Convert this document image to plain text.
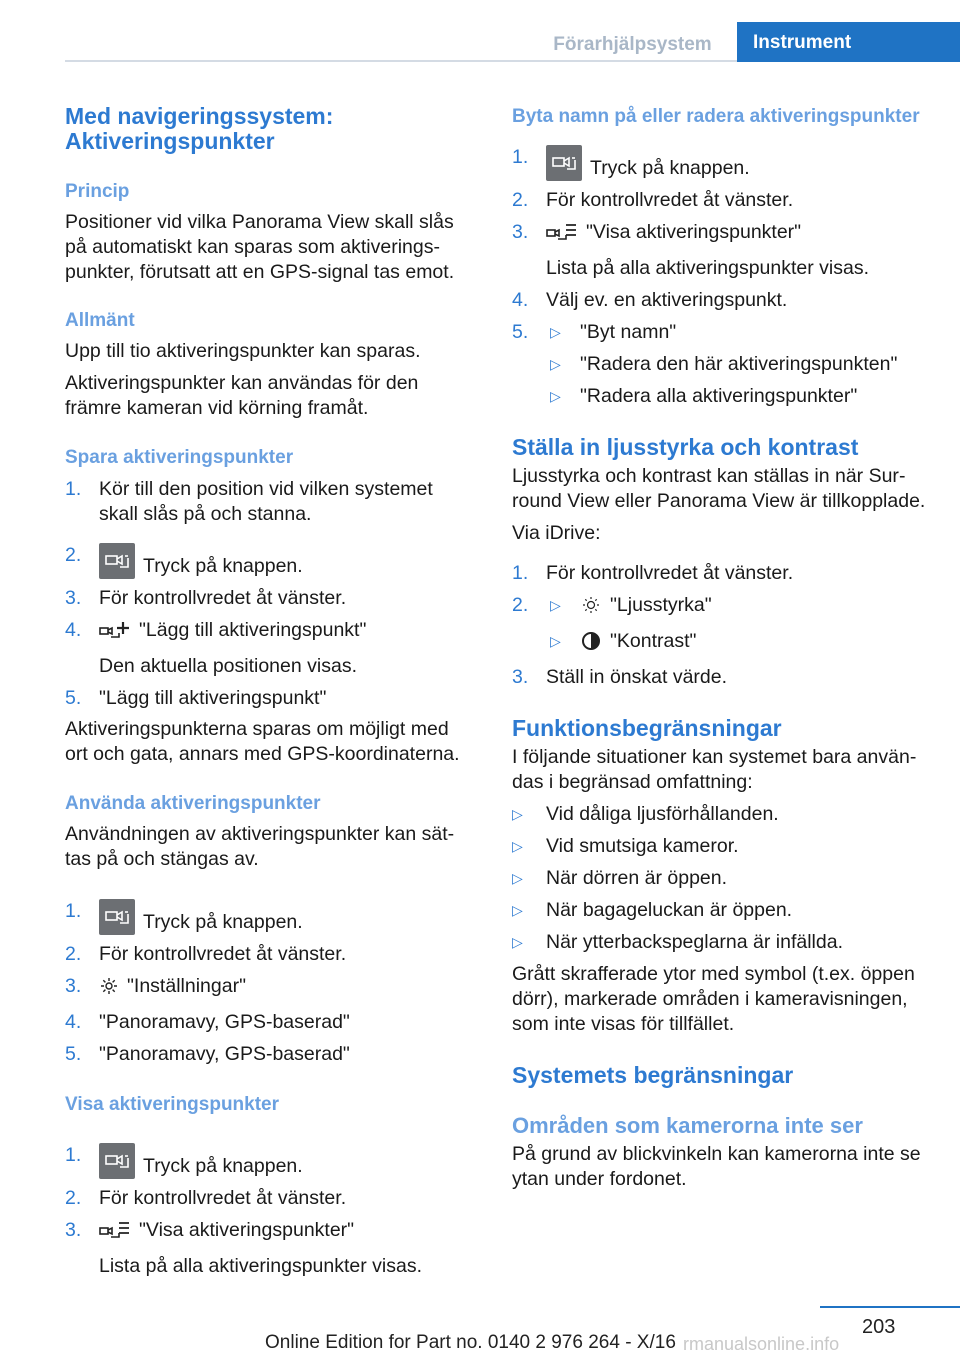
Förarhjälpsystem	Instrument
Med navigeringssystem: Aktiveringspunkter
Princip

Positioner vid vilka Panorama View skall slås på automatiskt kan sparas som aktiveringspunkter, förutsatt att en GPS-signal tas emot.

Allmänt

Upp till tio aktiveringspunkter kan sparas.

Aktiveringspunkter kan användas för den främre kameran vid körning framåt.

Spara aktiveringspunkter
1. Kör till den position vid vilken systemet skall slås på och stanna.
2.	Tryck på knappen.
3. För kontrollvredet åt vänster.
4.	"Lägg till aktiveringspunkt"

Den aktuella positionen visas.

5. "Lägg till aktiveringspunkt"

Aktiveringspunkterna sparas om möjligt med ort och gata, annars med GPS-koordinaterna.

Använda aktiveringspunkter

Användningen av aktiveringspunkter kan sättas på och stängas av.

1.	Tryck på knappen.
2. För kontrollvredet åt vänster.
3. "Inställningar"
4. "Panoramavy, GPS-baserad"
5. "Panoramavy, GPS-baserad"
Visa aktiveringspunkter
1.	Tryck på knappen.
2. För kontrollvredet åt vänster.
3.	"Visa aktiveringspunkter"

Lista på alla aktiveringspunkter visas.

Byta namn på eller radera aktiveringspunkter
1.	Tryck på knappen.
2. För kontrollvredet åt vänster.
3.	"Visa aktiveringspunkter"

Lista på alla aktiveringspunkter visas.

4. Välj ev. en aktiveringspunkt.
5. ▷ "Byt namn"
▷ "Radera den här aktiveringspunkten"
▷ "Radera alla aktiveringspunkter"
Ställa in ljusstyrka och kontrast

Ljusstyrka och kontrast kan ställas in när Surround View eller Panorama View är tillkopplade.

Via iDrive:

1. För kontrollvredet åt vänster.
2. ▷	"Ljusstyrka"
▷	"Kontrast"
3. Ställ in önskat värde.
Funktionsbegränsningar

I följande situationer kan systemet bara användas i begränsad omfattning:

▷ Vid dåliga ljusförhållanden.
▷ Vid smutsiga kameror.
▷ När dörren är öppen.
▷ När bagageluckan är öppen.
▷ När ytterbackspeglarna är infällda.

Grått skrafferade ytor med symbol (t.ex. öppen dörr), markerade områden i kameravisningen, som inte visas för tillfället.

Systemets begränsningar
Områden som kamerorna inte ser

På grund av blickvinkeln kan kamerorna inte se ytan under fordonet.

203
Online Edition for Part no. 0140 2 976 264 - X/16 rmanualsonline.info
